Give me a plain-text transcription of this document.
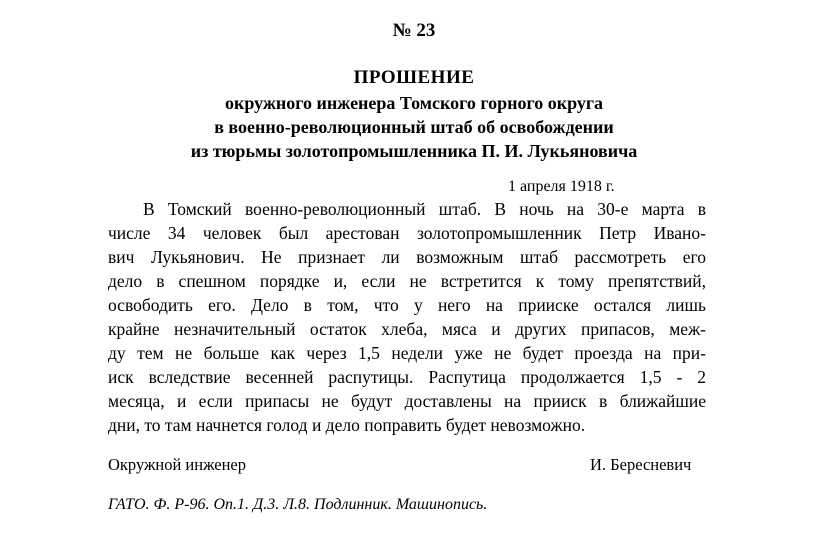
№ 23
ПРОШЕНИЕ
окружного инженера Томского горного округа
в военно-революционный штаб об освобождении
из тюрьмы золотопромышленника П. И. Лукьяновича
1 апреля 1918 г.
В Томский военно-революционный штаб. В ночь на 30-е марта в
числе 34 человек был арестован золотопромышленник Петр Ивано-
вич Лукьянович. Не признает ли возможным штаб рассмотреть его
дело в спешном порядке и, если не встретится к тому препятствий,
освободить его. Дело в том, что у него на прииске остался лишь
крайне незначительный остаток хлеба, мяса и других припасов, меж-
ду тем не больше как через 1,5 недели уже не будет проезда на при-
иск вследствие весенней распутицы. Распутица продолжается 1,5 - 2
месяца, и если припасы не будут доставлены на прииск в ближайшие
дни, то там начнется голод и дело поправить будет невозможно.
Окружной инженер	И. Бересневич
ГАТО. Ф. Р-96. Оп.1. Д.3. Л.8. Подлинник. Машинопись.
